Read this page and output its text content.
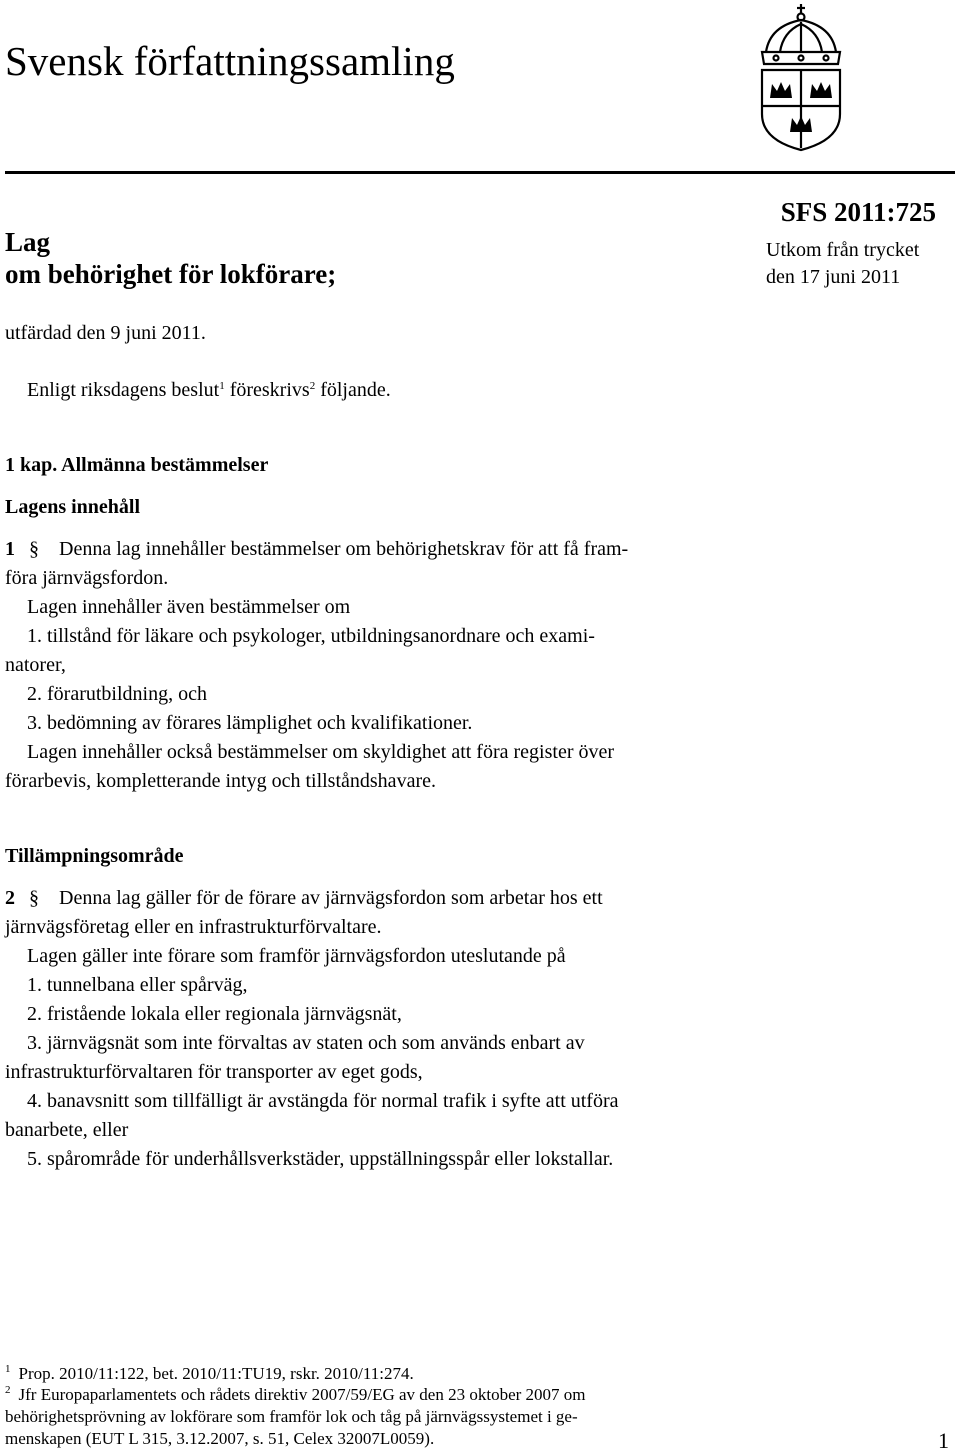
Svensk författningssamling
SFS 2011:725
Utkom från trycket
den 17 juni 2011
Lag
om behörighet för lokförare;
utfärdad den 9 juni 2011.
Enligt riksdagens beslut$^1$ föreskrivs$^2$ följande.
1 kap. Allmänna bestämmelser
Lagens innehåll
1 § Denna lag innehåller bestämmelser om behörighetskrav för att få fram-
föra järnvägsfordon.
Lagen innehåller även bestämmelser om
1. tillstånd för läkare och psykologer, utbildningsanordnare och exami-
natorer,
2. förarutbildning, och
3. bedömning av förares lämplighet och kvalifikationer.
Lagen innehåller också bestämmelser om skyldighet att föra register över
förarbevis, kompletterande intyg och tillståndshavare.
Tillämpningsområde
2 § Denna lag gäller för de förare av järnvägsfordon som arbetar hos ett
järnvägsföretag eller en infrastrukturförvaltare.
Lagen gäller inte förare som framför järnvägsfordon uteslutande på
1. tunnelbana eller spårväg,
2. fristående lokala eller regionala järnvägsnät,
3. järnvägsnät som inte förvaltas av staten och som används enbart av
infrastrukturförvaltaren för transporter av eget gods,
4. banavsnitt som tillfälligt är avstängda för normal trafik i syfte att utföra
banarbete, eller
5. spårområde för underhållsverkstäder, uppställningsspår eller lokstallar.
$^1$ Prop. 2010/11:122, bet. 2010/11:TU19, rskr. 2010/11:274.
$^2$ Jfr Europaparlamentets och rådets direktiv 2007/59/EG av den 23 oktober 2007 om
behörighetsprövning av lokförare som framför lok och tåg på järnvägssystemet i ge-
menskapen (EUT L 315, 3.12.2007, s. 51, Celex 32007L0059).	1
